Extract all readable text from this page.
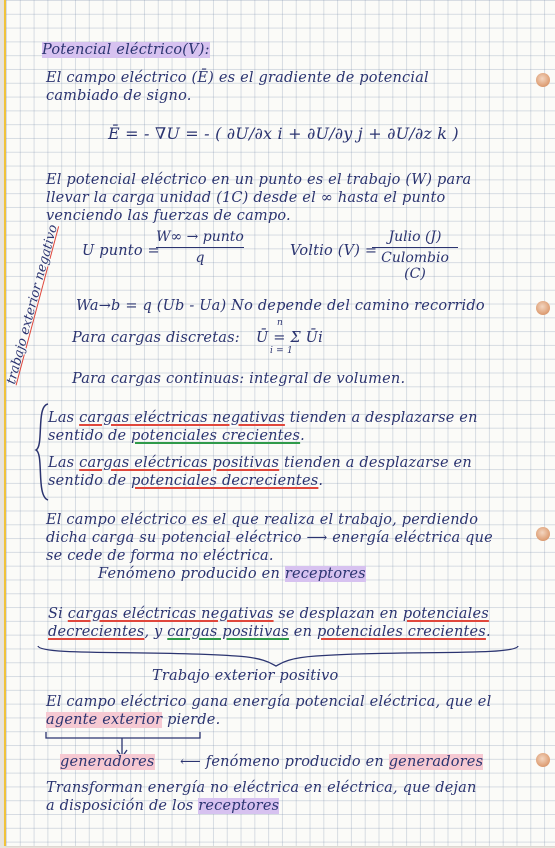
Potencial eléctrico(V):
El campo eléctrico (Ē) es el gradiente de potencial
cambiado de signo.
Ē = - ∇U = - ( ∂U/∂x i + ∂U/∂y j + ∂U/∂z k )
El potencial eléctrico en un punto es el trabajo (W) para
llevar la carga unidad (1C) desde el ∞ hasta el punto
venciendo las fuerzas de campo.
U punto =
W∞ → punto
q	Voltio (V) =
Julio (J)
Culombio (C)
Wa→b = q (Ub - Ua) No depende del camino recorrido
Para cargas discretas: Ū = Σ Ūi
n
i = 1
Para cargas continuas: integral de volumen.
trabajo exterior negativo
Las cargas eléctricas negativas tienden a desplazarse en
sentido de potenciales crecientes.
Las cargas eléctricas positivas tienden a desplazarse en
sentido de potenciales decrecientes.
El campo eléctrico es el que realiza el trabajo, perdiendo
dicha carga su potencial eléctrico ⟶ energía eléctrica que
se cede de forma no eléctrica.
Fenómeno producido en receptores
Si cargas eléctricas negativas se desplazan en potenciales
decrecientes, y cargas positivas en potenciales crecientes.
Trabajo exterior positivo
El campo eléctrico gana energía potencial eléctrica, que el
agente exterior pierde.
generadores ⟵ fenómeno producido en generadores
Transforman energía no eléctrica en eléctrica, que dejan
a disposición de los receptores
